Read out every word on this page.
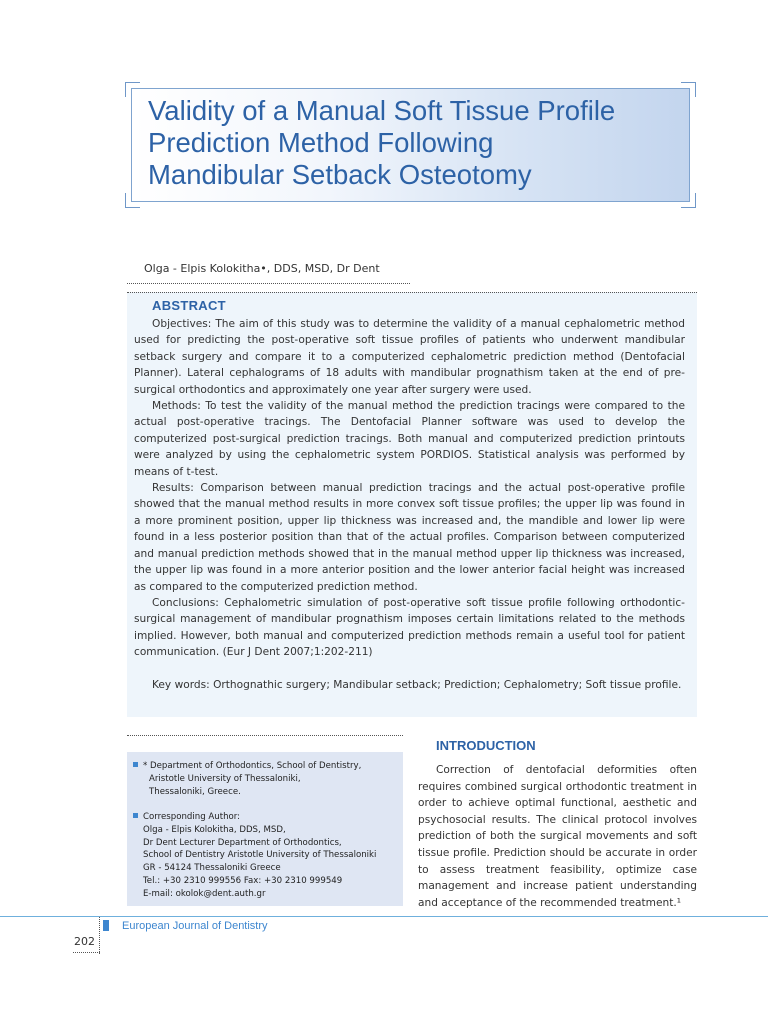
Validity of a Manual Soft Tissue Profile
Prediction Method Following
Mandibular Setback Osteotomy
Olga - Elpis Kolokitha•, DDS, MSD, Dr Dent
ABSTRACT

Objectives: The aim of this study was to determine the validity of a manual cephalometric method used for predicting the post-operative soft tissue profiles of patients who underwent mandibular setback surgery and compare it to a computerized cephalometric prediction method (Dentofacial Planner). Lateral cephalograms of 18 adults with mandibular prognathism taken at the end of pre-surgical orthodontics and approximately one year after surgery were used.

Methods: To test the validity of the manual method the prediction tracings were compared to the actual post-operative tracings. The Dentofacial Planner software was used to develop the computerized post-surgical prediction tracings. Both manual and computerized prediction printouts were analyzed by using the cephalometric system PORDIOS. Statistical analysis was performed by means of t-test.

Results: Comparison between manual prediction tracings and the actual post-operative profile showed that the manual method results in more convex soft tissue profiles; the upper lip was found in a more prominent position, upper lip thickness was increased and, the mandible and lower lip were found in a less posterior position than that of the actual profiles. Comparison between computerized and manual prediction methods showed that in the manual method upper lip thickness was increased, the upper lip was found in a more anterior position and the lower anterior facial height was increased as compared to the computerized prediction method.

Conclusions: Cephalometric simulation of post-operative soft tissue profile following orthodontic-surgical management of mandibular prognathism imposes certain limitations related to the methods implied. However, both manual and computerized prediction methods remain a useful tool for patient communication. (Eur J Dent 2007;1:202-211)

Key words: Orthognathic surgery; Mandibular setback; Prediction; Cephalometry; Soft tissue profile.

* Department of Orthodontics, School of Dentistry,
Aristotle University of Thessaloniki,
Thessaloniki, Greece.
Corresponding Author:
Olga - Elpis Kolokitha, DDS, MSD,
Dr Dent Lecturer Department of Orthodontics,
School of Dentistry Aristotle University of Thessaloniki
GR - 54124 Thessaloniki Greece
Tel.: +30 2310 999556 Fax: +30 2310 999549
E-mail: okolok@dent.auth.gr
INTRODUCTION

Correction of dentofacial deformities often requires combined surgical orthodontic treatment in order to achieve optimal functional, aesthetic and psychosocial results. The clinical protocol involves prediction of both the surgical movements and soft tissue profile. Prediction should be accurate in order to assess treatment feasibility, optimize case management and increase patient understanding and acceptance of the recommended treatment.¹

European Journal of Dentistry
202
